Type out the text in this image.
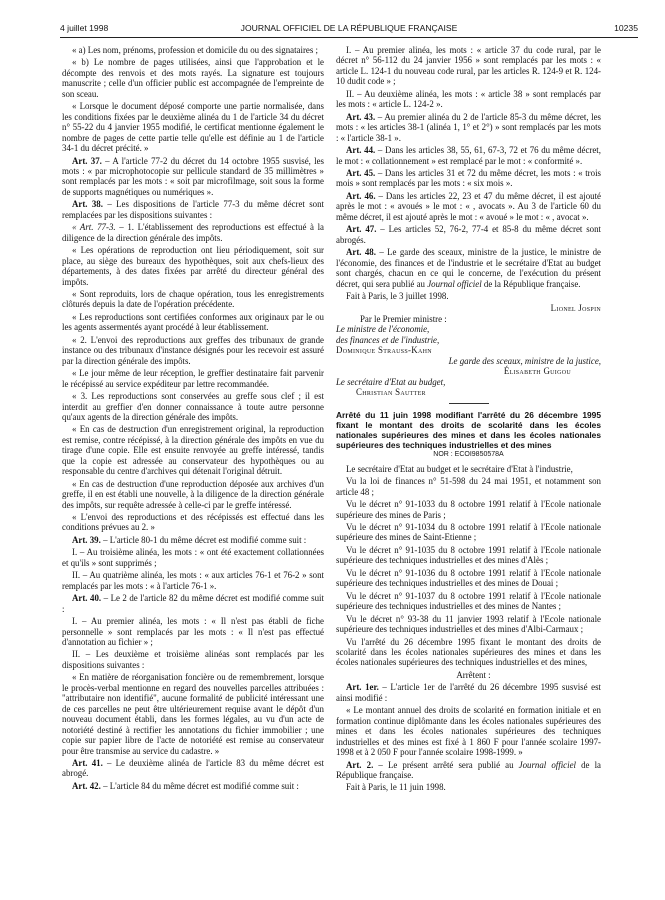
4 juillet 1998	JOURNAL OFFICIEL DE LA RÉPUBLIQUE FRANÇAISE	10235

« a) Les nom, prénoms, profession et domicile du ou des signataires ;

« b) Le nombre de pages utilisées, ainsi que l'approbation et le décompte des renvois et des mots rayés. La signature est toujours manuscrite ; celle d'un officier public est accompagnée de l'empreinte de son sceau.

« Lorsque le document déposé comporte une partie normalisée, dans les conditions fixées par le deuxième alinéa du 1 de l'article 34 du décret n° 55-22 du 4 janvier 1955 modifié, le certificat mentionne également le nombre de pages de cette partie telle qu'elle est définie au 1 de l'article 34-1 du décret précité. »

Art. 37. – A l'article 77-2 du décret du 14 octobre 1955 susvisé, les mots : « par microphotocopie sur pellicule standard de 35 millimètres » sont remplacés par les mots : « soit par microfilmage, soit sous la forme de supports magnétiques ou numériques ».

Art. 38. – Les dispositions de l'article 77-3 du même décret sont remplacées par les dispositions suivantes :

« Art. 77-3. – 1. L'établissement des reproductions est effectué à la diligence de la direction générale des impôts.

« Les opérations de reproduction ont lieu périodiquement, soit sur place, au siège des bureaux des hypothèques, soit aux chefs-lieux des départements, à des dates fixées par arrêté du directeur général des impôts.

« Sont reproduits, lors de chaque opération, tous les enregistrements clôturés depuis la date de l'opération précédente.

« Les reproductions sont certifiées conformes aux originaux par le ou les agents assermentés ayant procédé à leur établissement.

« 2. L'envoi des reproductions aux greffes des tribunaux de grande instance ou des tribunaux d'instance désignés pour les recevoir est assuré par la direction générale des impôts.

« Le jour même de leur réception, le greffier destinataire fait parvenir le récépissé au service expéditeur par lettre recommandée.

« 3. Les reproductions sont conservées au greffe sous clef ; il est interdit au greffier d'en donner connaissance à toute autre personne qu'aux agents de la direction générale des impôts.

« En cas de destruction d'un enregistrement original, la reproduction est remise, contre récépissé, à la direction générale des impôts en vue du tirage d'une copie. Elle est ensuite renvoyée au greffe intéressé, tandis que la copie est adressée au conservateur des hypothèques ou au responsable du centre d'archives qui détenait l'original détruit.

« En cas de destruction d'une reproduction déposée aux archives d'un greffe, il en est établi une nouvelle, à la diligence de la direction générale des impôts, sur requête adressée à celle-ci par le greffe intéressé.

« L'envoi des reproductions et des récépissés est effectué dans les conditions prévues au 2. »

Art. 39. – L'article 80-1 du même décret est modifié comme suit :

I. – Au troisième alinéa, les mots : « ont été exactement collationnées et qu'ils » sont supprimés ;

II. – Au quatrième alinéa, les mots : « aux articles 76-1 et 76-2 » sont remplacés par les mots : « à l'article 76-1 ».

Art. 40. – Le 2 de l'article 82 du même décret est modifié comme suit :

I. – Au premier alinéa, les mots : « Il n'est pas établi de fiche personnelle » sont remplacés par les mots : « Il n'est pas effectué d'annotation au fichier » ;

II. – Les deuxième et troisième alinéas sont remplacés par les dispositions suivantes :

« En matière de réorganisation foncière ou de remembrement, lorsque le procès-verbal mentionne en regard des nouvelles parcelles attribuées : "attributaire non identifié", aucune formalité de publicité intéressant une de ces parcelles ne peut être ultérieurement requise avant le dépôt d'un nouveau document établi, dans les formes légales, au vu d'un acte de notoriété destiné à rectifier les annotations du fichier immobilier ; une copie sur papier libre de l'acte de notoriété est remise au conservateur pour être transmise au service du cadastre. »

Art. 41. – Le deuxième alinéa de l'article 83 du même décret est abrogé.

Art. 42. – L'article 84 du même décret est modifié comme suit :

I. – Au premier alinéa, les mots : « article 37 du code rural, par le décret n° 56-112 du 24 janvier 1956 » sont remplacés par les mots : « article L. 124-1 du nouveau code rural, par les articles R. 124-9 et R. 124-10 dudit code » ;

II. – Au deuxième alinéa, les mots : « article 38 » sont remplacés par les mots : « article L. 124-2 ».

Art. 43. – Au premier alinéa du 2 de l'article 85-3 du même décret, les mots : « les articles 38-1 (alinéa 1, 1° et 2°) » sont remplacés par les mots : « l'article 38-1 ».

Art. 44. – Dans les articles 38, 55, 61, 67-3, 72 et 76 du même décret, le mot : « collationnement » est remplacé par le mot : « conformité ».

Art. 45. – Dans les articles 31 et 72 du même décret, les mots : « trois mois » sont remplacés par les mots : « six mois ».

Art. 46. – Dans les articles 22, 23 et 47 du même décret, il est ajouté après le mot : « avoués » le mot : « , avocats ». Au 3 de l'article 60 du même décret, il est ajouté après le mot : « avoué » le mot : « , avocat ».

Art. 47. – Les articles 52, 76-2, 77-4 et 85-8 du même décret sont abrogés.

Art. 48. – Le garde des sceaux, ministre de la justice, le ministre de l'économie, des finances et de l'industrie et le secrétaire d'Etat au budget sont chargés, chacun en ce qui le concerne, de l'exécution du présent décret, qui sera publié au Journal officiel de la République française.

Fait à Paris, le 3 juillet 1998.

Lionel Jospin
Par le Premier ministre :
Le ministre de l'économie,
des finances et de l'industrie,
Dominique Strauss-Kahn
Le garde des sceaux, ministre de la justice,
Élisabeth Guigou
Le secrétaire d'Etat au budget,
Christian Sautter

Arrêté du 11 juin 1998 modifiant l'arrêté du 26 décembre 1995 fixant le montant des droits de scolarité dans les écoles nationales supérieures des mines et dans les écoles nationales supérieures des techniques industrielles et des mines

NOR : ECOI9850578A

Le secrétaire d'Etat au budget et le secrétaire d'Etat à l'industrie,

Vu la loi de finances n° 51-598 du 24 mai 1951, et notamment son article 48 ;

Vu le décret n° 91-1033 du 8 octobre 1991 relatif à l'Ecole nationale supérieure des mines de Paris ;

Vu le décret n° 91-1034 du 8 octobre 1991 relatif à l'Ecole nationale supérieure des mines de Saint-Etienne ;

Vu le décret n° 91-1035 du 8 octobre 1991 relatif à l'Ecole nationale supérieure des techniques industrielles et des mines d'Alès ;

Vu le décret n° 91-1036 du 8 octobre 1991 relatif à l'Ecole nationale supérieure des techniques industrielles et des mines de Douai ;

Vu le décret n° 91-1037 du 8 octobre 1991 relatif à l'Ecole nationale supérieure des techniques industrielles et des mines de Nantes ;

Vu le décret n° 93-38 du 11 janvier 1993 relatif à l'Ecole nationale supérieure des techniques industrielles et des mines d'Albi-Carmaux ;

Vu l'arrêté du 26 décembre 1995 fixant le montant des droits de scolarité dans les écoles nationales supérieures des mines et dans les écoles nationales supérieures des techniques industrielles et des mines,

Arrêtent :

Art. 1er. – L'article 1er de l'arrêté du 26 décembre 1995 susvisé est ainsi modifié :

« Le montant annuel des droits de scolarité en formation initiale et en formation continue diplômante dans les écoles nationales supérieures des mines et dans les écoles nationales supérieures des techniques industrielles et des mines est fixé à 1 860 F pour l'année scolaire 1997-1998 et à 2 050 F pour l'année scolaire 1998-1999. »

Art. 2. – Le présent arrêté sera publié au Journal officiel de la République française.

Fait à Paris, le 11 juin 1998.
